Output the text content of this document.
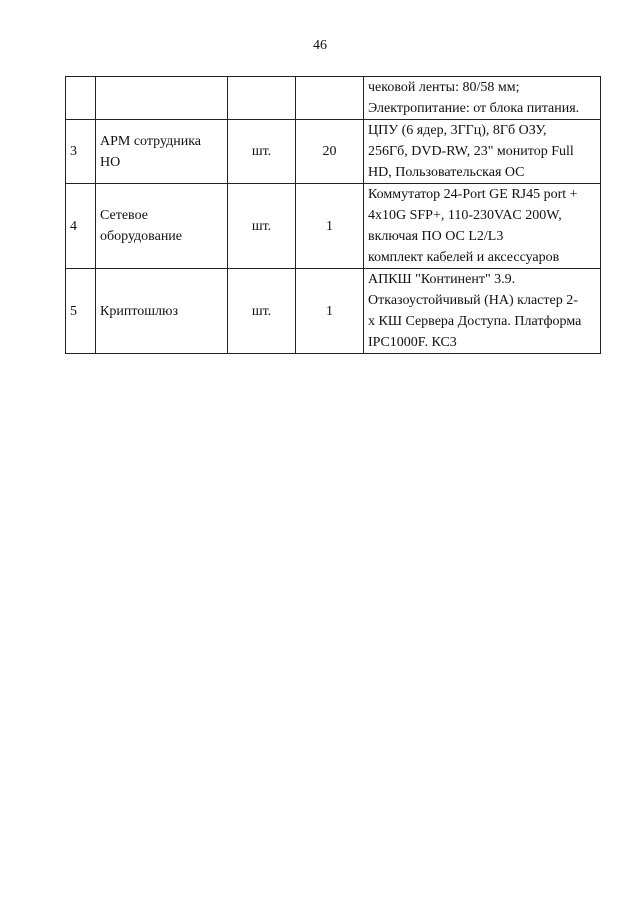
46

				чековой ленты: 80/58 мм;
Электропитание: от блока питания.

3	АРМ сотрудника
НО	шт.	20	ЦПУ (6 ядер, 3ГГц), 8Гб ОЗУ,
256Гб, DVD-RW, 23" монитор Full
HD, Пользовательская ОС

4	Сетевое
оборудование	шт.	1	Коммутатор 24-Port GE RJ45 port +
4x10G SFP+, 110-230VAC 200W,
включая ПО ОС L2/L3
комплект кабелей и аксессуаров

5	Криптошлюз	шт.	1	АПКШ "Континент" 3.9.
Отказоустойчивый (НА) кластер 2-
х КШ Сервера Доступа. Платформа
IPC1000F. КС3
